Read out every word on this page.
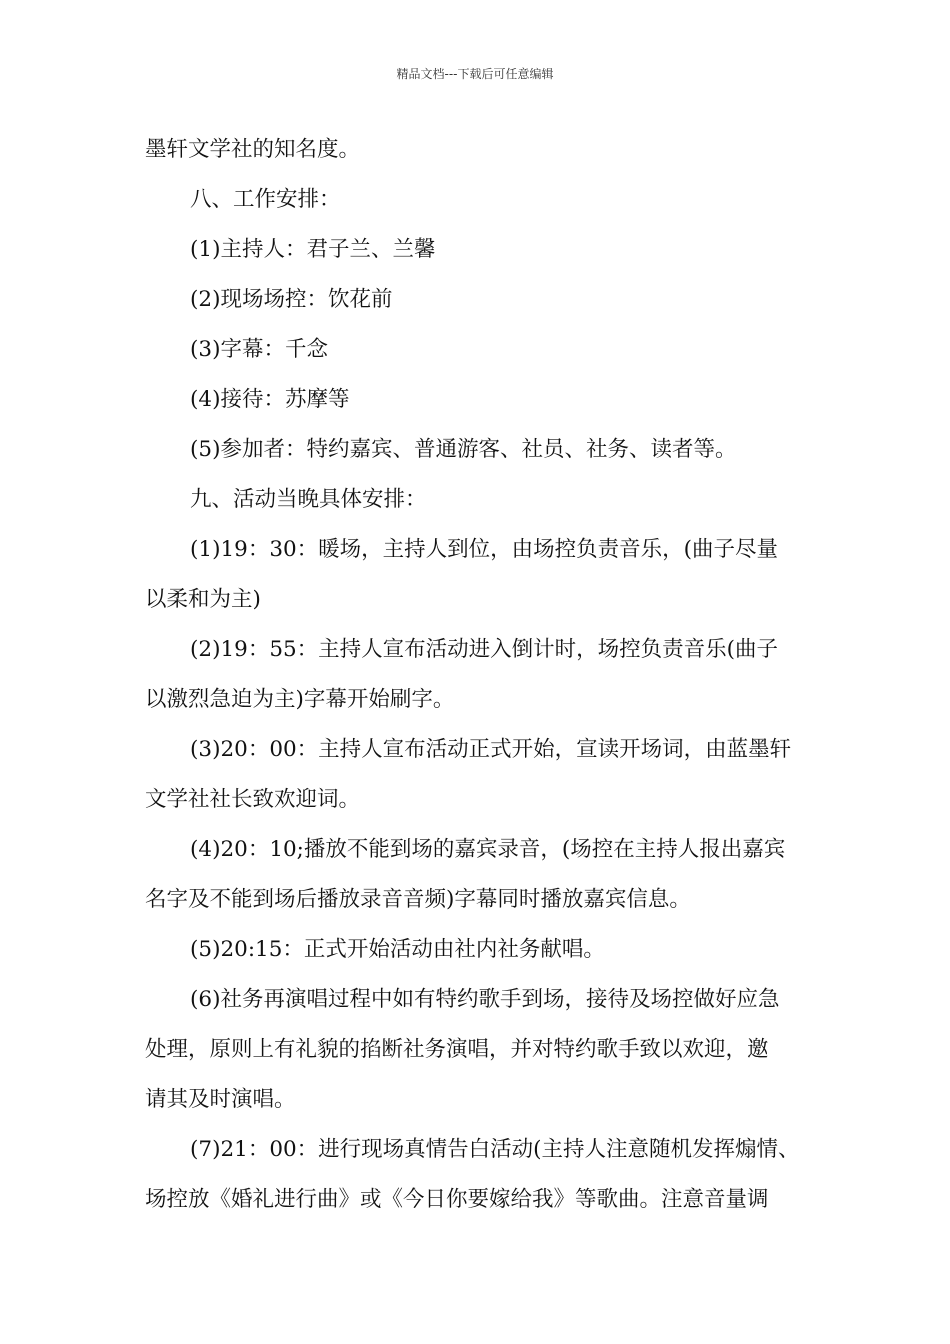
精品文档---下载后可任意编辑

墨轩文学社的知名度。

八、工作安排：

(1)主持人：君子兰、兰馨

(2)现场场控：饮花前

(3)字幕：千念

(4)接待：苏摩等

(5)参加者：特约嘉宾、普通游客、社员、社务、读者等。

九、活动当晚具体安排：

(1)19：30：暖场，主持人到位，由场控负责音乐，(曲子尽量

以柔和为主)

(2)19：55：主持人宣布活动进入倒计时，场控负责音乐(曲子

以激烈急迫为主)字幕开始刷字。

(3)20：00：主持人宣布活动正式开始，宣读开场词，由蓝墨轩

文学社社长致欢迎词。

(4)20：10;播放不能到场的嘉宾录音，(场控在主持人报出嘉宾

名字及不能到场后播放录音音频)字幕同时播放嘉宾信息。

(5)20:15：正式开始活动由社内社务献唱。

(6)社务再演唱过程中如有特约歌手到场，接待及场控做好应急

处理，原则上有礼貌的掐断社务演唱，并对特约歌手致以欢迎，邀

请其及时演唱。

(7)21：00：进行现场真情告白活动(主持人注意随机发挥煽情、

场控放《婚礼进行曲》或《今日你要嫁给我》等歌曲。注意音量调
